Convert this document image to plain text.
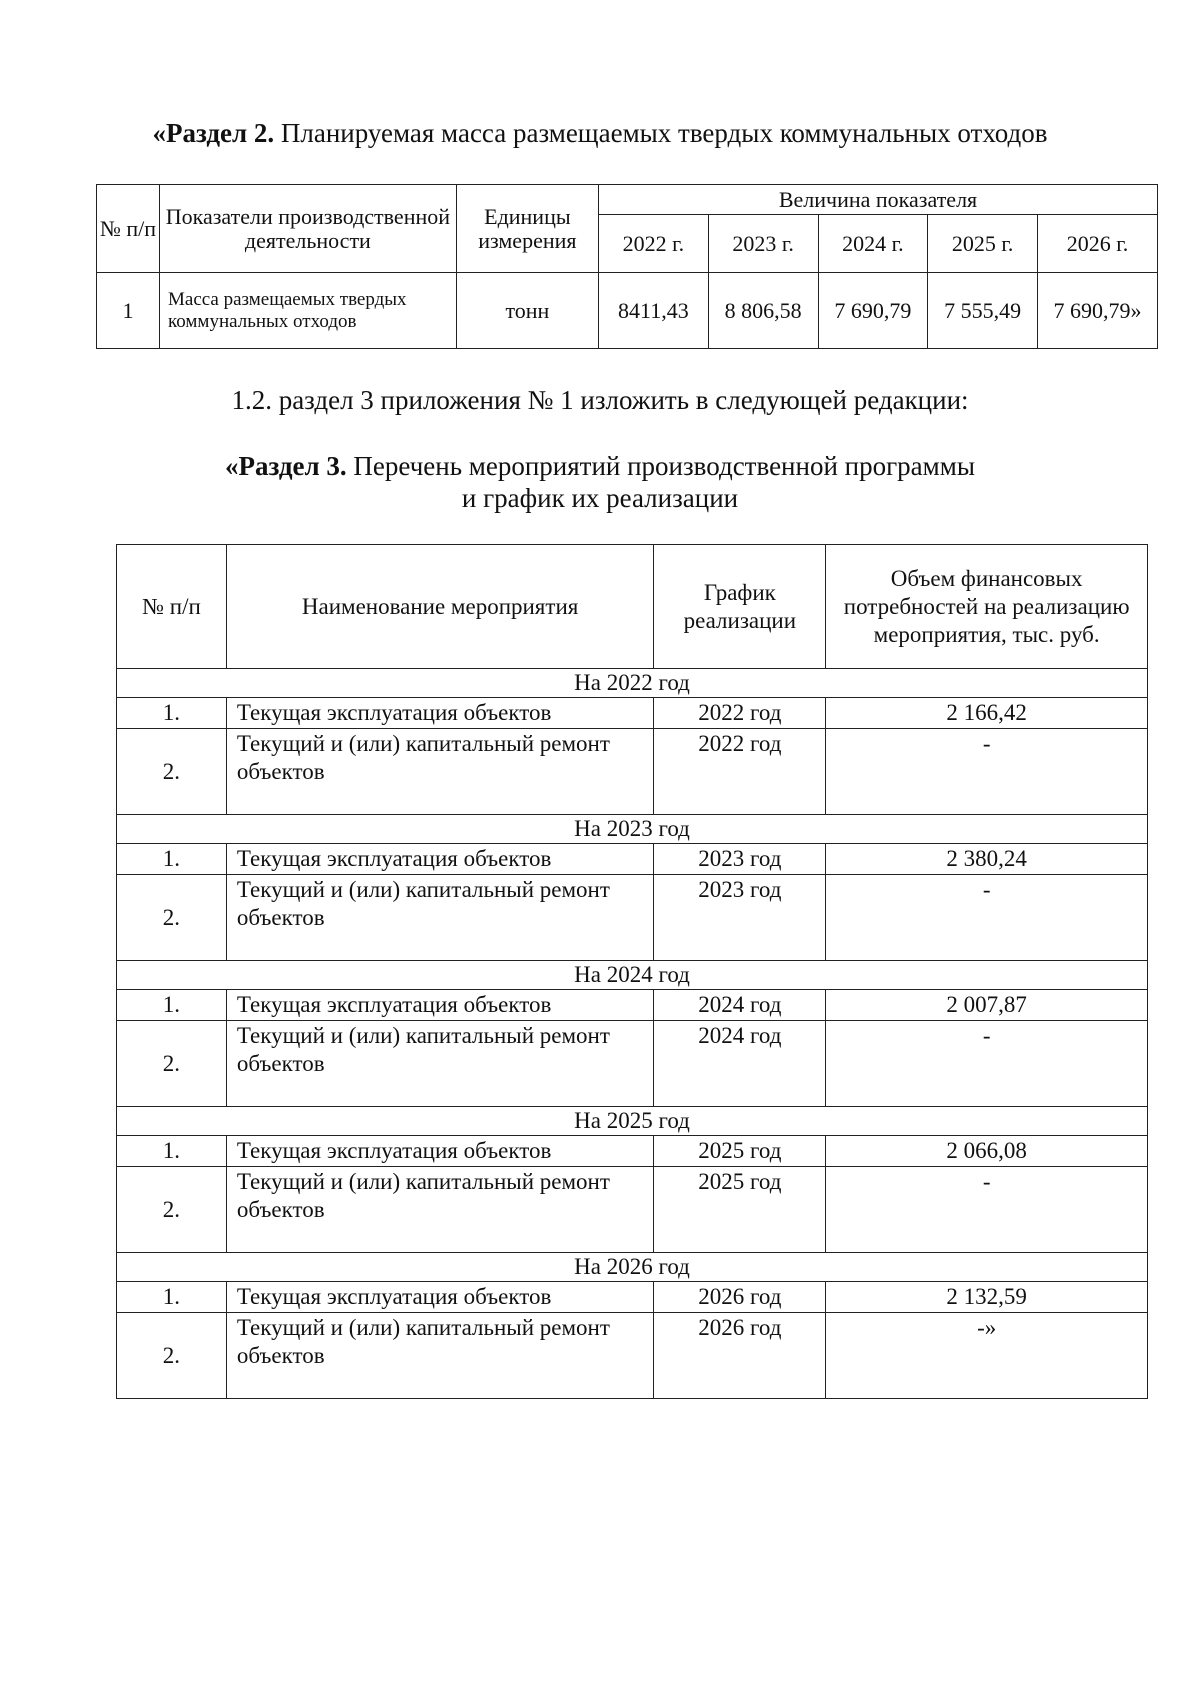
«Раздел 2. Планируемая масса размещаемых твердых коммунальных отходов
№ п/п	Показатели производственной деятельности	Единицы измерения	Величина показателя				
			2022 г.	2023 г.	2024 г.	2025 г.	2026 г.
1	Масса размещаемых твердых коммунальных отходов	тонн	8411,43	8 806,58	7 690,79	7 555,49	7 690,79»
1.2. раздел 3 приложения № 1 изложить в следующей редакции:
«Раздел 3. Перечень мероприятий производственной программы
и график их реализации
№ п/п	Наименование мероприятия	График реализации	Объем финансовых потребностей на реализацию мероприятия, тыс. руб.
На 2022 год			
1.	Текущая эксплуатация объектов	2022 год	2 166,42
2.	Текущий и (или) капитальный ремонт объектов	2022 год	-
На 2023 год			
1.	Текущая эксплуатация объектов	2023 год	2 380,24
2.	Текущий и (или) капитальный ремонт объектов	2023 год	-
На 2024 год			
1.	Текущая эксплуатация объектов	2024 год	2 007,87
2.	Текущий и (или) капитальный ремонт объектов	2024 год	-
На 2025 год			
1.	Текущая эксплуатация объектов	2025 год	2 066,08
2.	Текущий и (или) капитальный ремонт объектов	2025 год	-
На 2026 год			
1.	Текущая эксплуатация объектов	2026 год	2 132,59
2.	Текущий и (или) капитальный ремонт объектов	2026 год	-»
